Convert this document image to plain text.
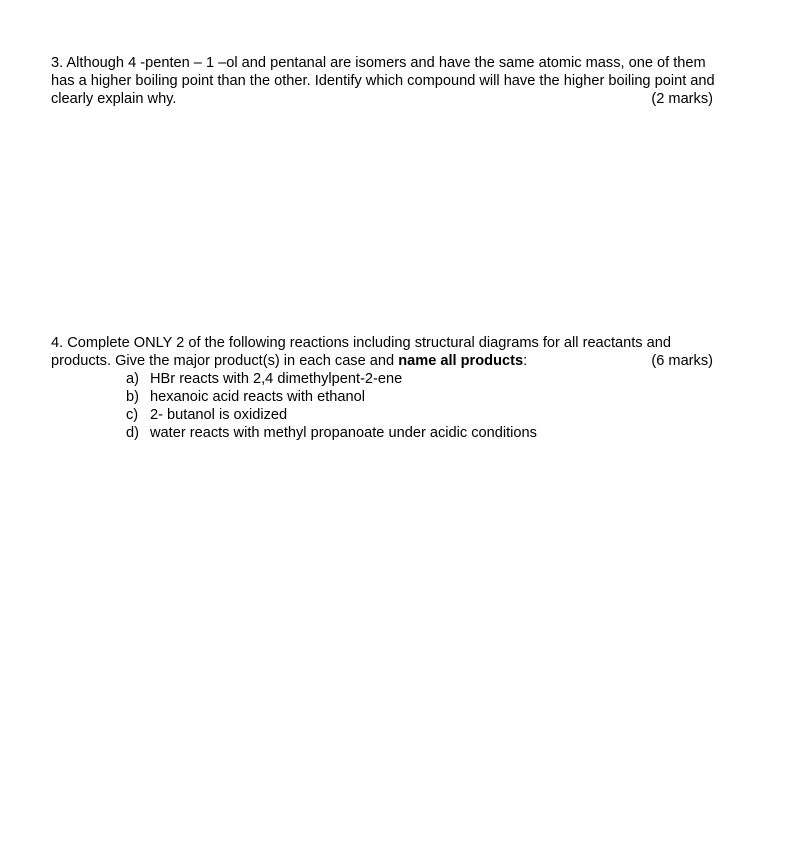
3. Although 4 -penten – 1 –ol and pentanal are isomers and have the same atomic mass, one of them
has a higher boiling point than the other. Identify which compound will have the higher boiling point and
clearly explain why.	(2 marks)
4. Complete ONLY 2 of the following reactions including structural diagrams for all reactants and
products. Give the major product(s) in each case and name all products:	(6 marks)
a) HBr reacts with 2,4 dimethylpent-2-ene
b) hexanoic acid reacts with ethanol
c) 2- butanol is oxidized
d) water reacts with methyl propanoate under acidic conditions
